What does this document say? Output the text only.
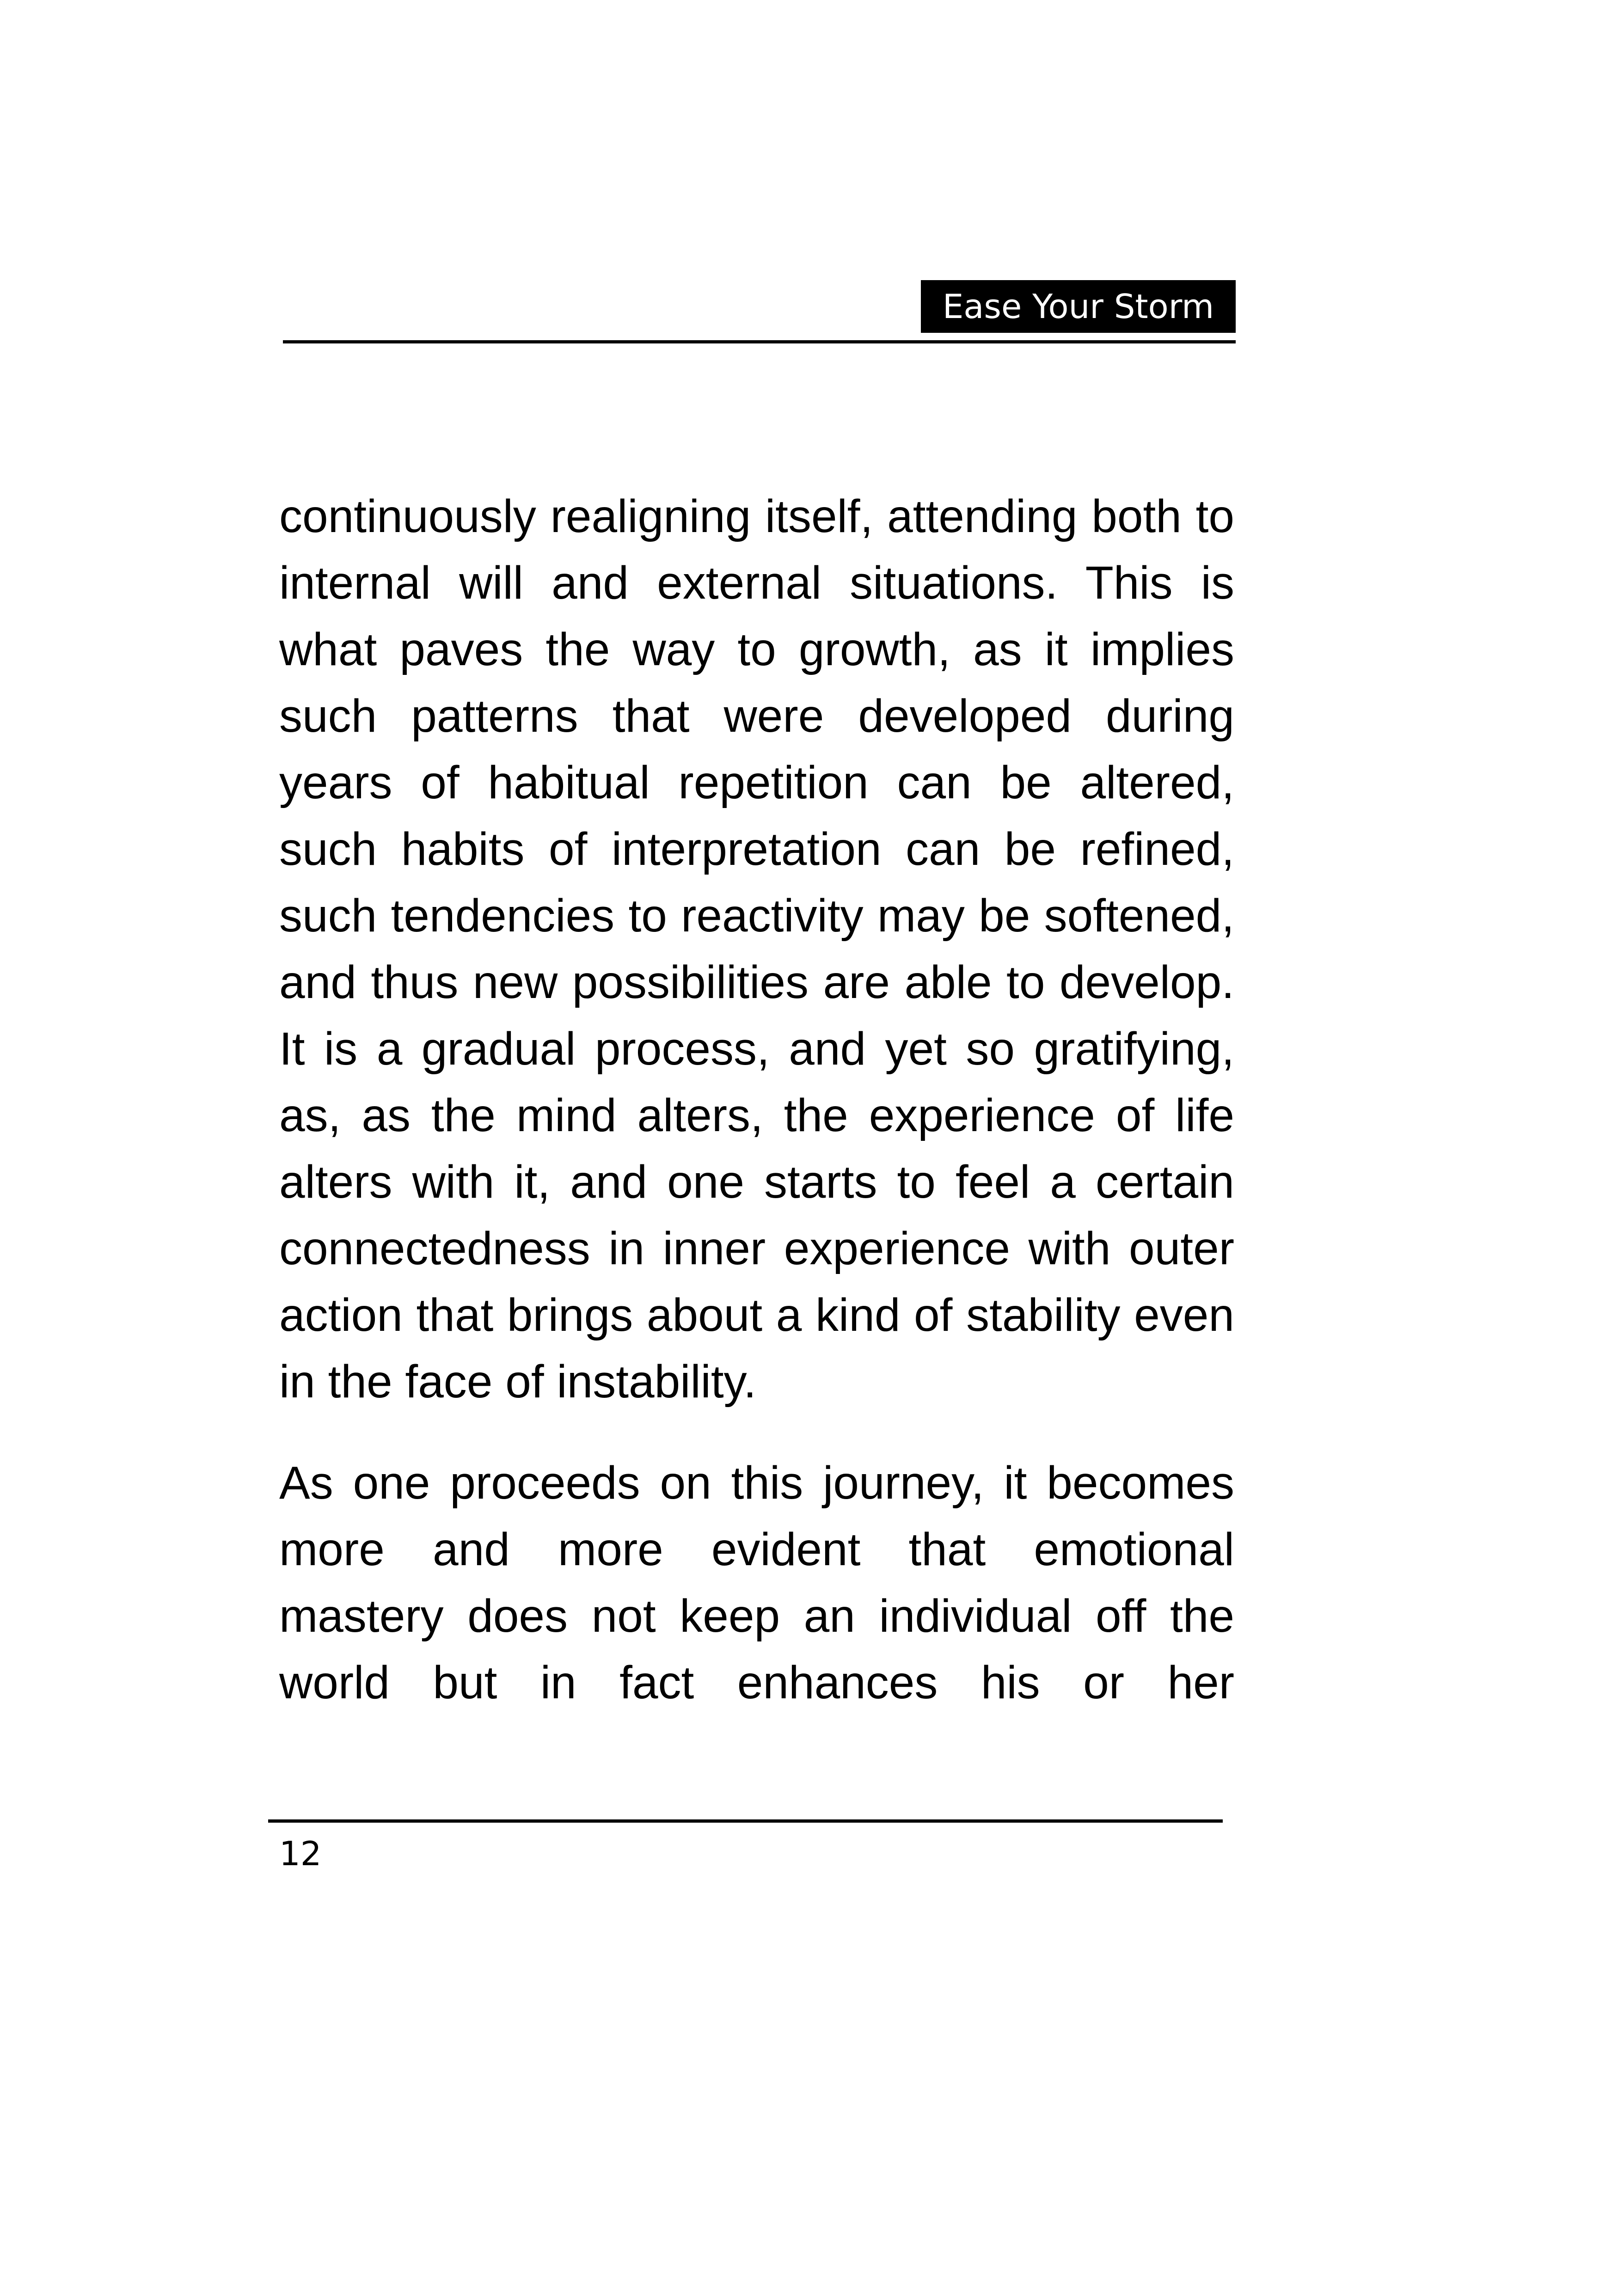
Ease Your Storm

continuously realigning itself, attending both to internal will and external situations. This is what paves the way to growth, as it implies such patterns that were developed during years of habitual repetition can be altered, such habits of interpretation can be refined, such tendencies to reactivity may be softened, and thus new possibilities are able to develop. It is a gradual process, and yet so gratifying, as, as the mind alters, the experience of life alters with it, and one starts to feel a certain connectedness in inner experience with outer action that brings about a kind of stability even in the face of instability.

As one proceeds on this journey, it becomes more and more evident that emotional mastery does not keep an individual off the world but in fact enhances his or her

12
